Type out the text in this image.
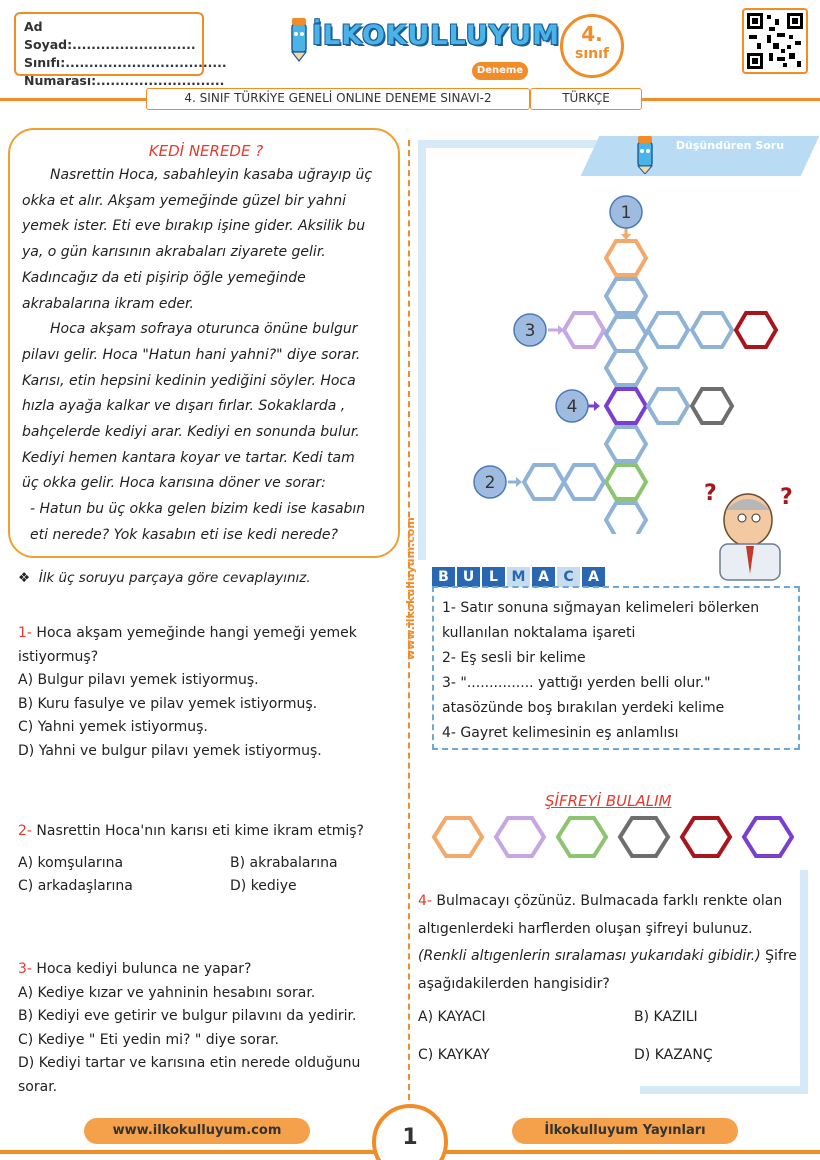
Ad Soyad:..........................
Sınıfı:..................................
Numarası:...........................
İLKOKULLUYUM
Deneme
4.
sınıf
4. SINIF TÜRKİYE GENELİ ONLINE DENEME SINAVI-2	TÜRKÇE
KEDİ NEREDE ?

Nasrettin Hoca, sabahleyin kasaba uğrayıp üç

okka et alır. Akşam yemeğinde güzel bir yahni

yemek ister. Eti eve bırakıp işine gider. Aksilik bu

ya, o gün karısının akrabaları ziyarete gelir.

Kadıncağız da eti pişirip öğle yemeğinde

akrabalarına ikram eder.

Hoca akşam sofraya oturunca önüne bulgur

pilavı gelir. Hoca "Hatun hani yahni?" diye sorar.

Karısı, etin hepsini kedinin yediğini söyler. Hoca

hızla ayağa kalkar ve dışarı fırlar. Sokaklarda ,

bahçelerde kediyi arar. Kediyi en sonunda bulur.

Kediyi hemen kantara koyar ve tartar. Kedi tam

üç okka gelir. Hoca karısına döner ve sorar:

- Hatun bu üç okka gelen bizim kedi ise kasabın

eti nerede? Yok kasabın eti ise kedi nerede?

❖  İlk üç soruyu parçaya göre cevaplayınız.
1- Hoca akşam yemeğinde hangi yemeği yemek istiyormuş?
A) Bulgur pilavı yemek istiyormuş.
B) Kuru fasulye ve pilav yemek istiyormuş.
C) Yahni yemek istiyormuş.
D) Yahni ve bulgur pilavı yemek istiyormuş.
2- Nasrettin Hoca'nın karısı eti kime ikram etmiş?
A) komşularına	B) akrabalarına
C) arkadaşlarına	D) kediye
3- Hoca kediyi bulunca ne yapar?
A) Kediye kızar ve yahninin hesabını sorar.
B) Kediyi eve getirir ve bulgur pilavını da yedirir.
C) Kediye " Eti yedin mi? " diye sorar.
D) Kediyi tartar ve karısına etin nerede olduğunu sorar.
www.ilkokulluyum.com
Düşündüren Soru
1
3
4
2	?	?
B U	L M A	C	A
1- Satır sonuna sığmayan kelimeleri bölerken
kullanılan noktalama işareti
2- Eş sesli bir kelime
3- "............... yattığı yerden belli olur."
atasözünde boş bırakılan yerdeki kelime
4- Gayret kelimesinin eş anlamlısı
ŞİFREYİ BULALIM
4- Bulmacayı çözünüz. Bulmacada farklı renkte olan altıgenlerdeki harflerden oluşan şifreyi bulunuz. (Renkli altıgenlerin sıralaması yukarıdaki gibidir.) Şifre aşağıdakilerden hangisidir?
A) KAYACI	B) KAZILI
C) KAYKAY	D) KAZANÇ
www.ilkokulluyum.com	İlkokulluyum Yayınları
1
